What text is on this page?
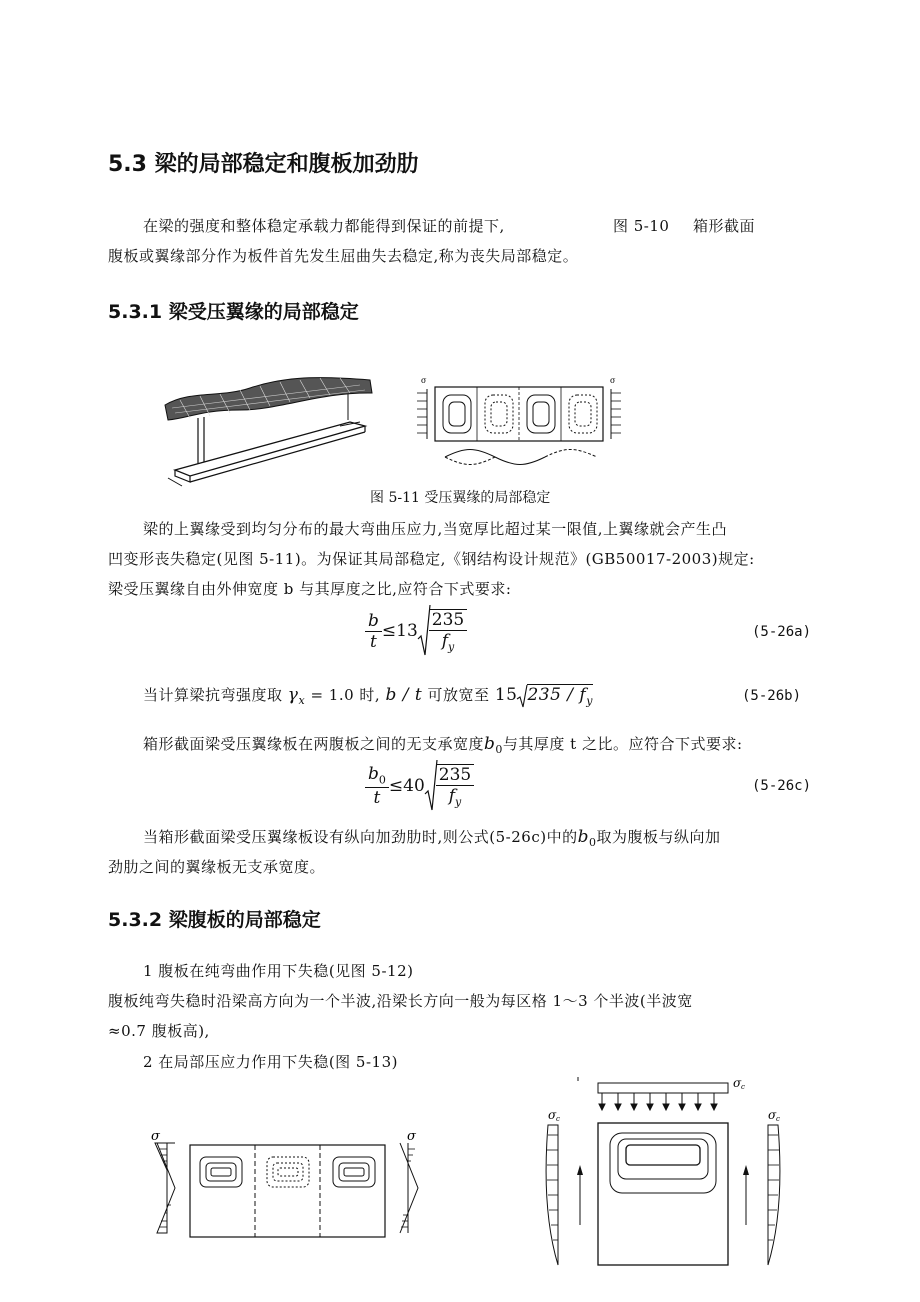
5.3 梁的局部稳定和腹板加劲肋
在梁的强度和整体稳定承载力都能得到保证的前提下,	图 5-10 箱形截面
腹板或翼缘部分作为板件首先发生屈曲失去稳定,称为丧失局部稳定。
5.3.1 梁受压翼缘的局部稳定
σ	σ
图 5-11 受压翼缘的局部稳定
梁的上翼缘受到均匀分布的最大弯曲压应力,当宽厚比超过某一限值,上翼缘就会产生凸
凹变形丧失稳定(见图 5-11)。为保证其局部稳定,《钢结构设计规范》(GB50017-2003)规定:
梁受压翼缘自由外伸宽度 b 与其厚度之比,应符合下式要求:
$\frac{b}{t} \le 13 \frac{235}{f_y}$	(5-26a)
当计算梁抗弯强度取 $\gamma_x = 1.0$ 时, b / t 可放宽至 15 $235 / f_y$	(5-26b)
箱形截面梁受压翼缘板在两腹板之间的无支承宽度$b_0$与其厚度 t 之比。应符合下式要求:
$\frac{b_0}{t} \le 40 \frac{235}{f_y}$	(5-26c)
当箱形截面梁受压翼缘板设有纵向加劲肋时,则公式(5-26c)中的$b_0$取为腹板与纵向加
劲肋之间的翼缘板无支承宽度。
5.3.2 梁腹板的局部稳定
1 腹板在纯弯曲作用下失稳(见图 5-12)
腹板纯弯失稳时沿梁高方向为一个半波,沿梁长方向一般为每区格 1～3 个半波(半波宽
≈0.7 腹板高),
2 在局部压应力作用下失稳(图 5-13)
σ	σ
σ c
σ c	σ c
